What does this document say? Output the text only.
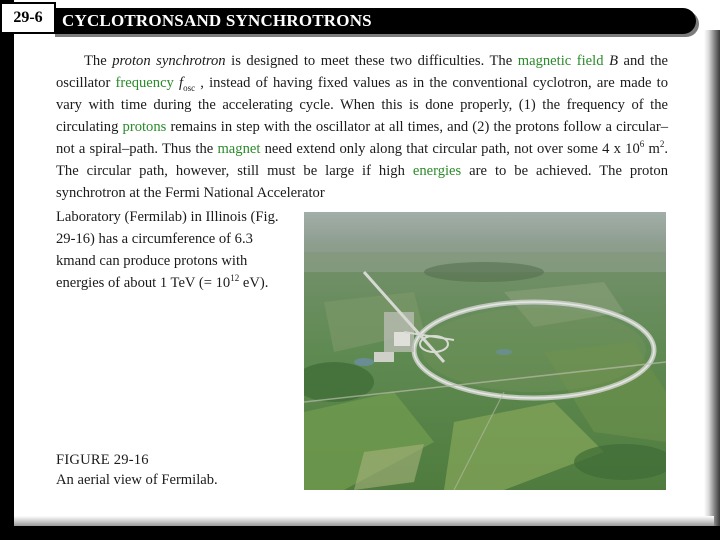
CYCLOTRONSAND SYNCHROTRONS
29-6

The proton synchrotron is designed to meet these two difficulties. The magnetic field B and the oscillator frequency $f_{osc}$ , instead of having fixed values as in the conventional cyclotron, are made to vary with time during the accelerating cycle. When this is done properly, (1) the frequency of the circulating protons remains in step with the oscillator at all times, and (2) the protons follow a circular–not a spiral–path. Thus the magnet need extend only along that circular path, not over some 4 x $10^6$ $m^2$. The circular path, however, still must be large if high energies are to be achieved. The proton synchrotron at the Fermi National Accelerator

Laboratory (Fermilab) in Illinois (Fig.
29-16) has a circumference of 6.3
kmand can produce protons with
energies of about 1 TeV (= $10^{12}$ eV).
FIGURE 29-16
An aerial view of Fermilab.
